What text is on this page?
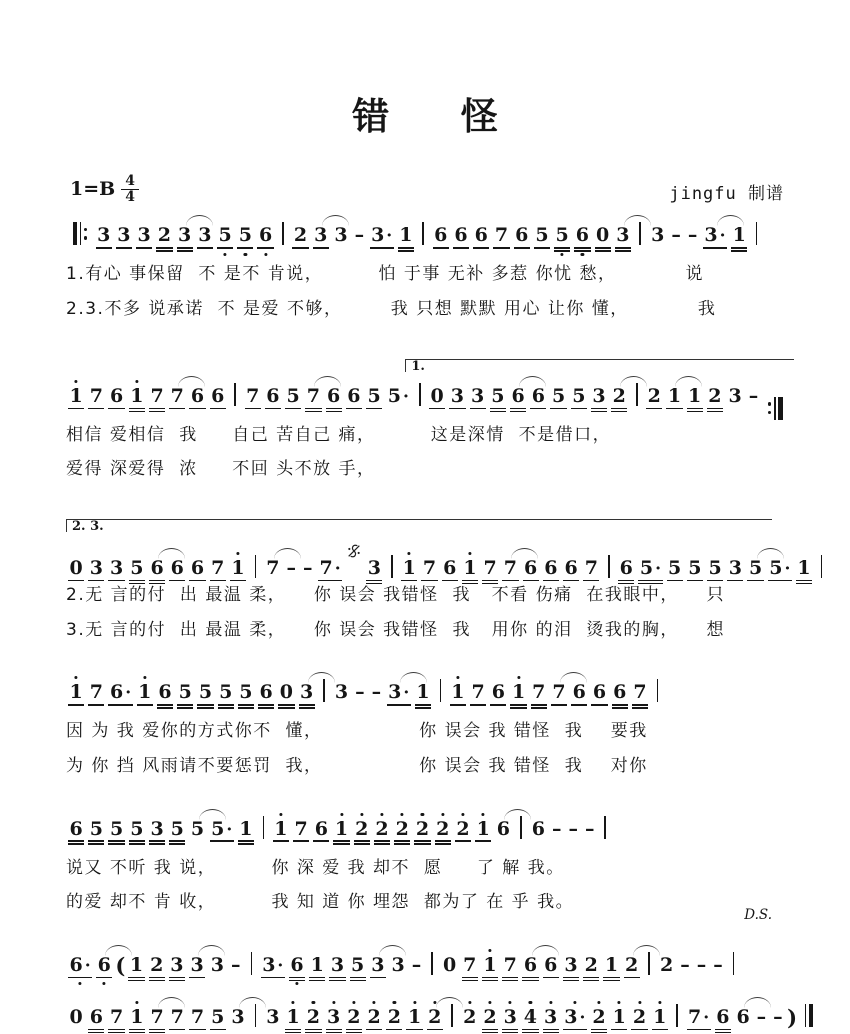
错    怪
$1=B \frac{4}{4}$	jingfu 制谱
3 3 3 2 3 3 5 5 6 2 3 3 – 3 · 1 6 6 6 7 6 5 5 6 0 3 3 – – 3 · 1
1.有心 事保留  不 是不 肯说，        怕 于事 无补 多惹 你忧 愁，          说
2.3.不多 说承诺  不 是爱 不够，       我 只想 默默 用心 让你 懂，          我
1.
1 7 6 1 7 7 6 6 7 6 5 7 6 6 5 5 · 0 3 3 5 6 6 5 5 3 2 2 1 1 2 3 –
相信 爱相信  我     自己 苦自己 痛，        这是深情  不是借口，
爱得 深爱得  浓     不回 头不放 手，
2. 3.
0 3 3 5 6 6 6 7 1 7 – – 7 · 3 1 7 6 1 7 7 6 6 6 7 6 5 · 5 5 5 3 5 5 · 1
2.无 言的付  出 最温 柔，    你 误会 我错怪  我   不看 伤痛  在我眼中，    只
3.无 言的付  出 最温 柔，    你 误会 我错怪  我   用你 的泪  烫我的胸，    想
1 7 6 · 1 6 5 5 5 5 6 0 3 3 – – 3 · 1 1 7 6 1 7 7 6 6 6 7
因 为 我 爱你的方式你不  懂，              你 误会 我 错怪  我    要我
为 你 挡 风雨请不要惩罚  我，              你 误会 我 错怪  我    对你
6 5 5 5 3 5 5 5 · 1 1 7 6 1 2 2 2 2 2 2 1 6 6 – – –
说又 不听 我 说，        你 深 爱 我 却不  愿     了 解 我。
的爱 却不 肯 收，        我 知 道 你 埋怨  都为了 在 乎 我。
6 · 6 ( 1 2 3 3 3 – 3 · 6 1 3 5 3 3 – 0 7 1 7 6 6 3 2 1 2 2 – – –
0 6 7 1 7 7 7 5 3 3 1 2 3 2 2 2 1 2 2 2 3 4 3 3 · 2 1 2 1 7 · 6 6 – – )
D.S.
